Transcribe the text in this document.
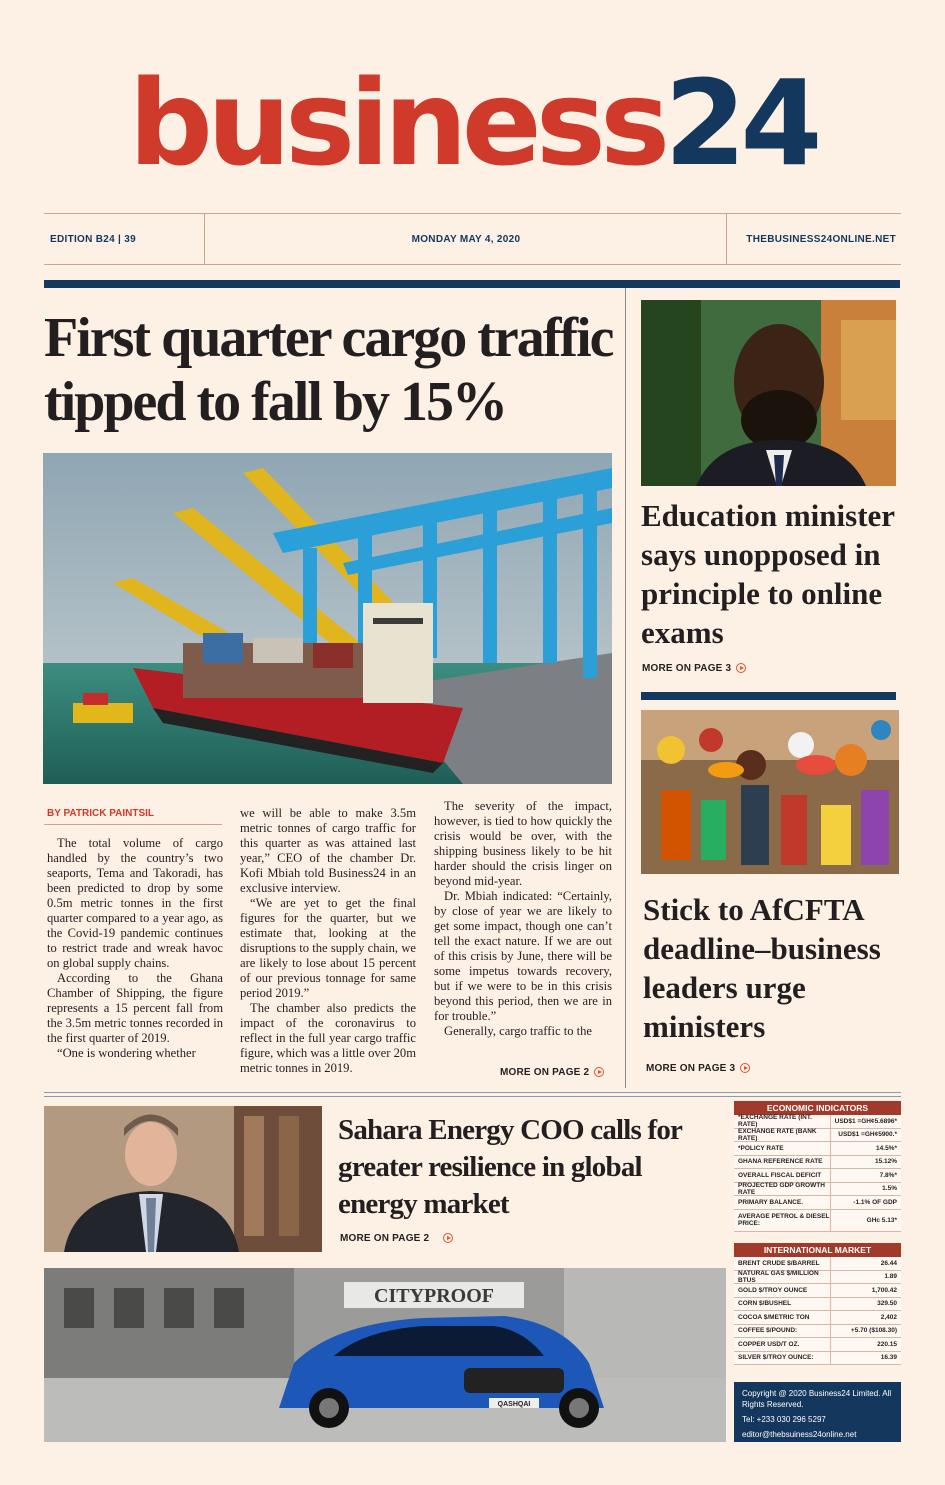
business24
EDITION B24 | 39	MONDAY MAY 4, 2020	THEBUSINESS24ONLINE.NET
First quarter cargo traffic
tipped to fall by 15%
BY PATRICK PAINTSIL

The total volume of cargo handled by the country’s two seaports, Tema and Takoradi, has been predicted to drop by some 0.5m metric tonnes in the first quarter compared to a year ago, as the Covid-19 pandemic continues to restrict trade and wreak havoc on global supply chains.

According to the Ghana Chamber of Shipping, the figure represents a 15 percent fall from the 3.5m metric tonnes recorded in the first quarter of 2019.

“One is wondering whether

we will be able to make 3.5m metric tonnes of cargo traffic for this quarter as was attained last year,” CEO of the chamber Dr. Kofi Mbiah told Business24 in an exclusive interview.

“We are yet to get the final figures for the quarter, but we estimate that, looking at the disruptions to the supply chain, we are likely to lose about 15 percent of our previous tonnage for same period 2019.”

The chamber also predicts the impact of the coronavirus to reflect in the full year cargo traffic figure, which was a little over 20m metric tonnes in 2019.

The severity of the impact, however, is tied to how quickly the crisis would be over, with the shipping business likely to be hit harder should the crisis linger on beyond mid-year.

Dr. Mbiah indicated: “Certainly, by close of year we are likely to get some impact, though one can’t tell the exact nature. If we are out of this crisis by June, there will be some impetus towards recovery, but if we were to be in this crisis beyond this period, then we are in for trouble.”

Generally, cargo traffic to the

MORE ON PAGE 2
Education minister says unopposed in principle to online exams
MORE ON PAGE 3
Stick to AfCFTA deadline–business leaders urge ministers
MORE ON PAGE 3
Sahara Energy COO calls for greater resilience in global energy market
MORE ON PAGE 2
CITYPROOF
QASHQAI
ECONOMIC INDICATORS
*EXCHANGE RATE (INT. RATE)	USD$1 =GH¢5.6896*
EXCHANGE RATE (BANK RATE)	USD$1 =GH¢5900.*
*POLICY RATE	14.5%*
GHANA REFERENCE RATE	15.12%
OVERALL FISCAL DEFICIT	7.8%*
PROJECTED GDP GROWTH RATE	1.5%
PRIMARY BALANCE.	-1.1% OF GDP
AVERAGE PETROL & DIESEL PRICE:	GHc 5.13*
INTERNATIONAL MARKET
BRENT CRUDE $/BARREL	26.44
NATURAL GAS $/MILLION BTUS	1.89
GOLD $/TROY OUNCE	1,700.42
CORN $/BUSHEL	329.50
COCOA $/METRIC TON	2,402
COFFEE $/POUND:	+5.70 ($108.30)
COPPER USD/T OZ.	220.15
SILVER $/TROY OUNCE:	16.39
Copyright @ 2020 Business24 Limited. All Rights Reserved.
Tel: +233 030 296 5297
editor@thebsuiness24online.net
